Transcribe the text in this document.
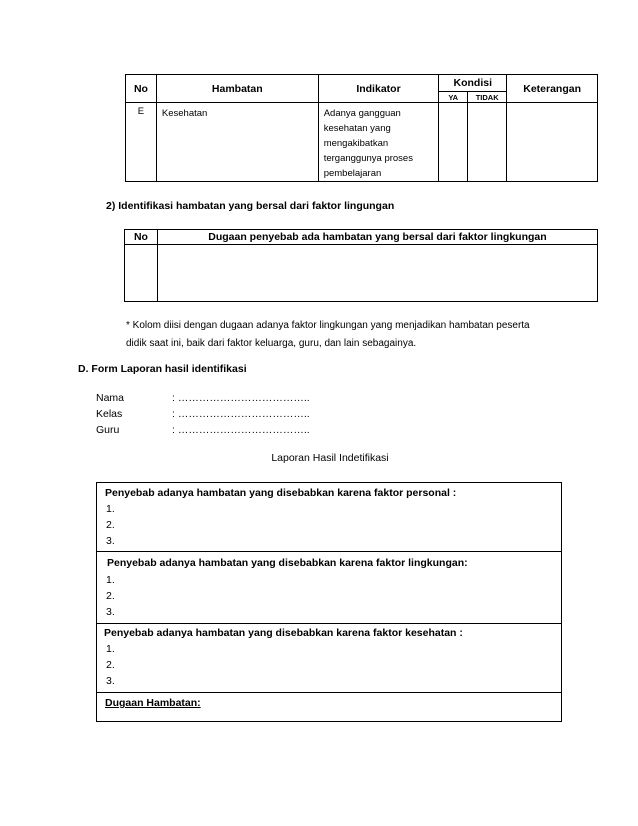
No	Hambatan	Indikator	Kondisi		Keterangan
			YA	TIDAK	
E	Kesehatan	Adanya gangguan
kesehatan yang
mengakibatkan
terganggunya proses
pembelajaran			

2) Identifikasi hambatan yang bersal dari faktor lingungan
No	Dugaan penyebab ada hambatan yang bersal dari faktor lingkungan

* Kolom diisi dengan dugaan adanya faktor lingkungan yang menjadikan hambatan peserta
didik saat ini, baik dari faktor keluarga, guru, dan lain sebagainya.
D. Form Laporan hasil identifikasi
Nama	: ………………………………..
Kelas	: ………………………………..
Guru	: ………………………………..
Laporan Hasil Indetifikasi
Penyebab adanya hambatan yang disebabkan karena faktor personal :
1.
2.
3.
Penyebab adanya hambatan yang disebabkan karena faktor lingkungan:
1.
2.
3.
Penyebab adanya hambatan yang disebabkan karena faktor kesehatan :
1.
2.
3.
Dugaan Hambatan:
